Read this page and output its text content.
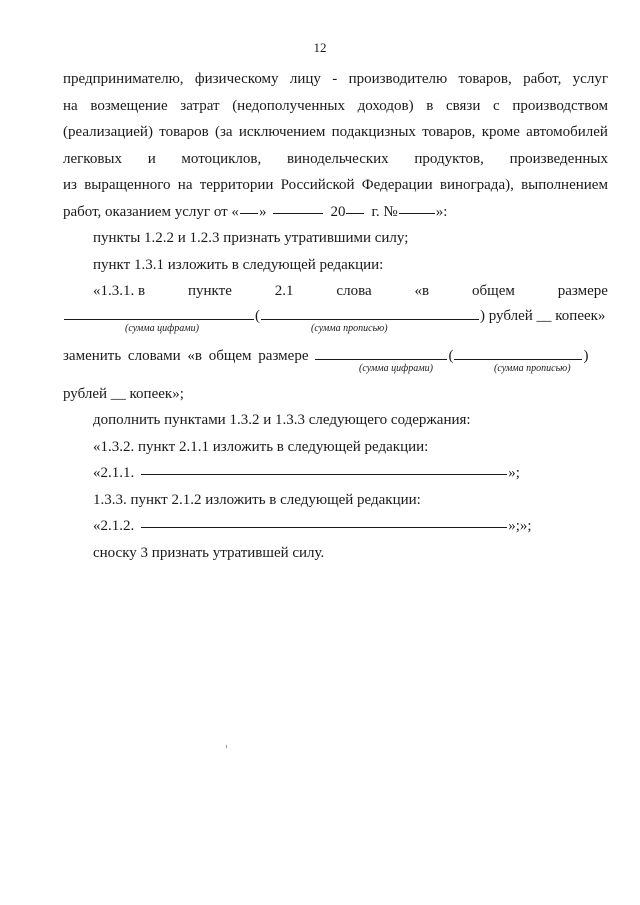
12
предпринимателю, физическому лицу - производителю товаров, работ, услуг
на возмещение затрат (недополученных доходов) в связи с производством
(реализацией) товаров (за исключением подакцизных товаров, кроме автомобилей
легковых и мотоциклов, винодельческих продуктов, произведенных
из выращенного на территории Российской Федерации винограда), выполнением
работ, оказанием услуг от « »	20 г. №	»:
пункты 1.2.2 и 1.2.3 признать утратившими силу;
пункт 1.3.1 изложить в следующей редакции:
«1.3.1. в	пункте	2.1	слова	«в	общем	размере
(	) рублей __ копеек»
(сумма цифрами)	(сумма прописью)
заменить словами «в общем размере	(	)
(сумма цифрами)	(сумма прописью)
рублей __ копеек»;
дополнить пунктами 1.3.2 и 1.3.3 следующего содержания:
«1.3.2. пункт 2.1.1 изложить в следующей редакции:
«2.1.1.	»;
1.3.3. пункт 2.1.2 изложить в следующей редакции:
«2.1.2.	»;»;
сноску 3 признать утратившей силу.
